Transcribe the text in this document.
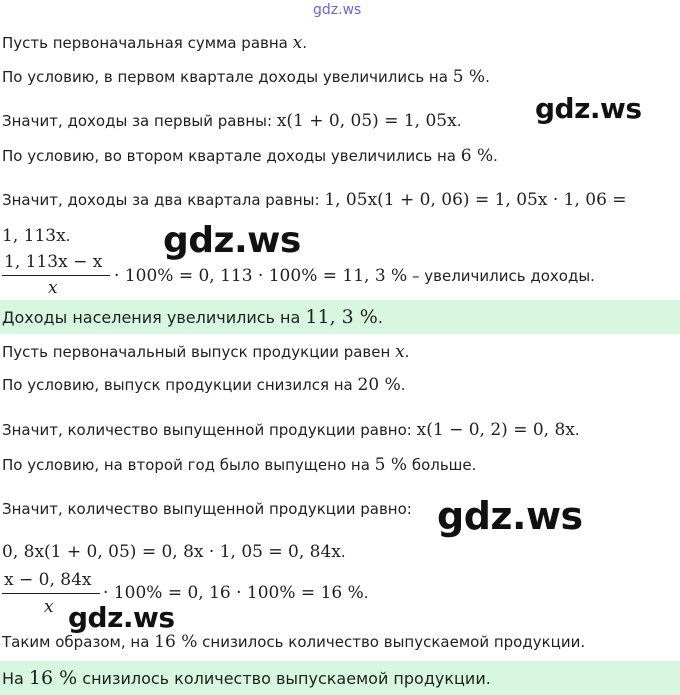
gdz.ws
Пусть первоначальная сумма равна x.
По условию, в первом квартале доходы увеличились на 5 %.
gdz.ws
Значит, доходы за первый равны: x(1 + 0, 05) = 1, 05x.
По условию, во втором квартале доходы увеличились на 6 %.
Значит, доходы за два квартала равны: 1, 05x(1 + 0, 06) = 1, 05x · 1, 06 =
1, 113x.	gdz.ws
1, 113x − x
x
· 100% = 0, 113 · 100% = 11, 3 % – увеличились доходы.
Доходы населения увеличились на 11, 3 %.
Пусть первоначальный выпуск продукции равен x.
По условию, выпуск продукции снизился на 20 %.
Значит, количество выпущенной продукции равно: x(1 − 0, 2) = 0, 8x.
По условию, на второй год было выпущено на 5 % больше.
Значит, количество выпущенной продукции равно: gdz.ws
0, 8x(1 + 0, 05) = 0, 8x · 1, 05 = 0, 84x.
x − 0, 84x
x
· 100% = 0, 16 · 100% = 16 %.
gdz.ws
Таким образом, на 16 % снизилось количество выпускаемой продукции.
На 16 % снизилось количество выпускаемой продукции.
